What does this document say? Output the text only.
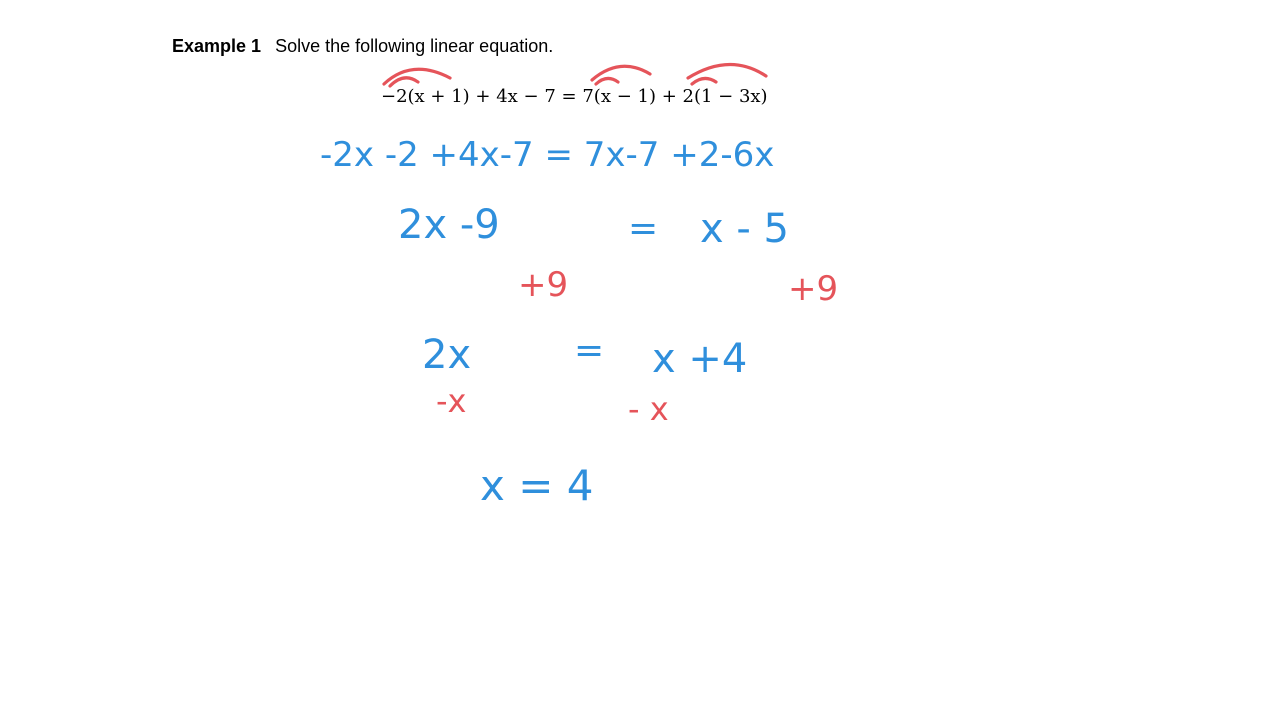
Example 1 Solve the following linear equation.
−2(x + 1) + 4x − 7 = 7(x − 1) + 2(1 − 3x)
-2x -2 +4x-7 = 7x-7 +2-6x
2x -9	= x - 5
+9	+9
2x	= x +4
-x	- x
x = 4
